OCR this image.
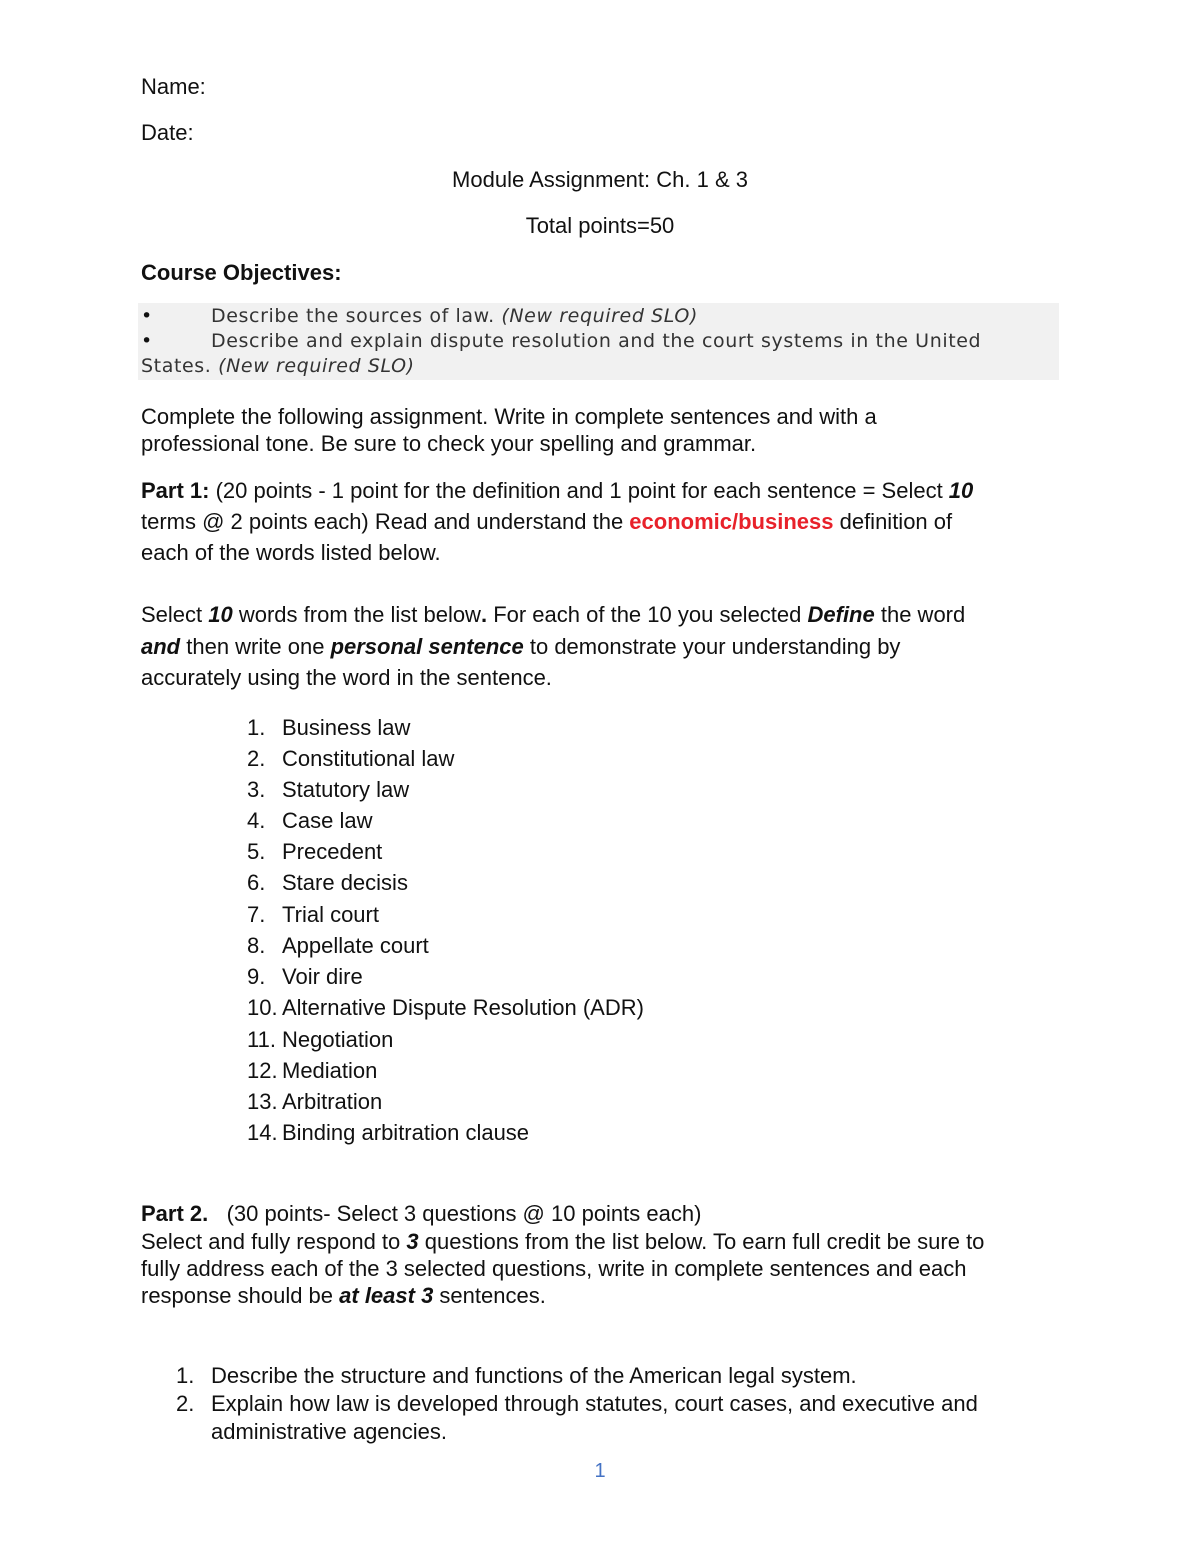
Name:
Date:
Module Assignment: Ch. 1 & 3
Total points=50
Course Objectives:
•	Describe the sources of law. (New required SLO)
•	Describe and explain dispute resolution and the court systems in the United
States. (New required SLO)
Complete the following assignment. Write in complete sentences and with a
professional tone. Be sure to check your spelling and grammar.
Part 1: (20 points - 1 point for the definition and 1 point for each sentence = Select 10
terms @ 2 points each) Read and understand the economic/business definition of
each of the words listed below.
Select 10 words from the list below. For each of the 10 you selected Define the word
and then write one personal sentence to demonstrate your understanding by
accurately using the word in the sentence.
1. Business law
2. Constitutional law
3. Statutory law
4. Case law
5. Precedent
6. Stare decisis
7. Trial court
8. Appellate court
9. Voir dire
10. Alternative Dispute Resolution (ADR)
11. Negotiation
12. Mediation
13. Arbitration
14. Binding arbitration clause
Part 2.   (30 points- Select 3 questions @ 10 points each)
Select and fully respond to 3 questions from the list below. To earn full credit be sure to
fully address each of the 3 selected questions, write in complete sentences and each
response should be at least 3 sentences.
1. Describe the structure and functions of the American legal system.
2. Explain how law is developed through statutes, court cases, and executive and
administrative agencies.
1
